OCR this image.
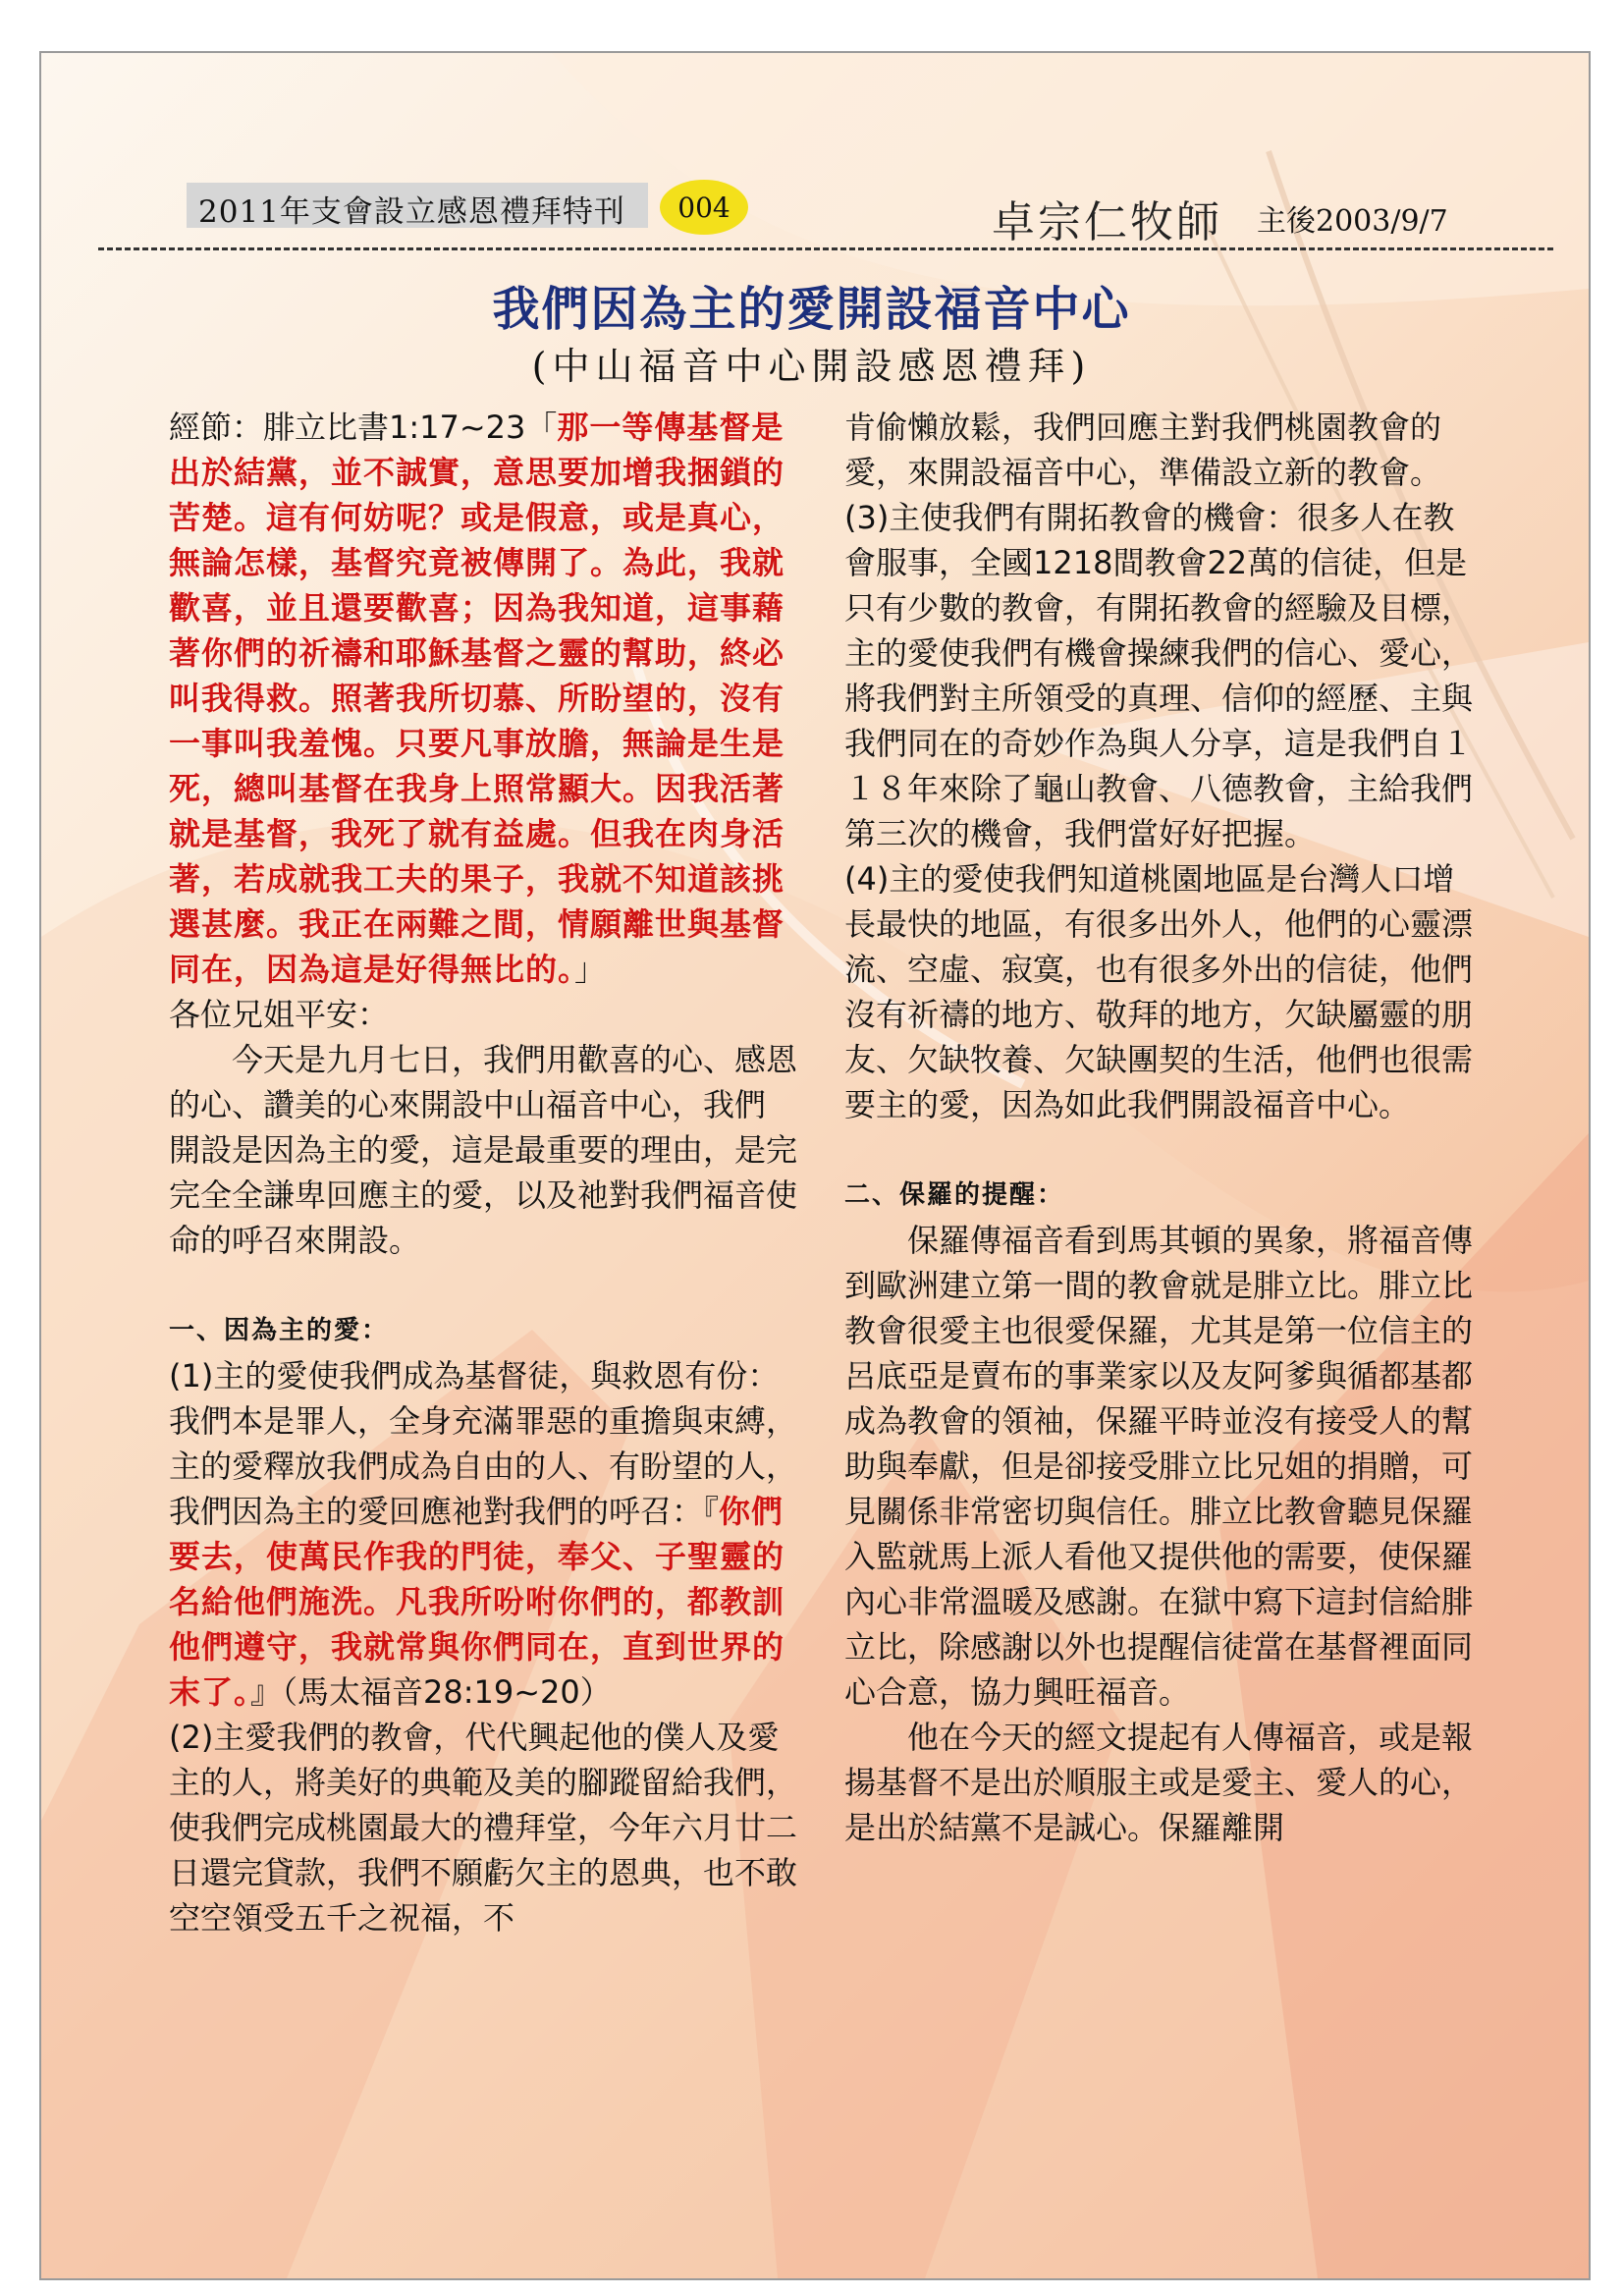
2011年支會設立感恩禮拜特刊	004	卓宗仁牧師 主後2003/9/7
我們因為主的愛開設福音中心
(中山福音中心開設感恩禮拜)

經節：腓立比書1:17~23「那一等傳基督是出於結黨，並不誠實，意思要加增我捆鎖的苦楚。這有何妨呢？或是假意，或是真心，無論怎樣，基督究竟被傳開了。為此，我就歡喜，並且還要歡喜；因為我知道，這事藉著你們的祈禱和耶穌基督之靈的幫助，終必叫我得救。照著我所切慕、所盼望的，沒有一事叫我羞愧。只要凡事放膽，無論是生是死，總叫基督在我身上照常顯大。因我活著就是基督，我死了就有益處。但我在肉身活著，若成就我工夫的果子，我就不知道該挑選甚麼。我正在兩難之間，情願離世與基督同在，因為這是好得無比的。」

各位兄姐平安：

今天是九月七日，我們用歡喜的心、感恩的心、讚美的心來開設中山福音中心，我們開設是因為主的愛，這是最重要的理由，是完完全全謙卑回應主的愛，以及祂對我們福音使命的呼召來開設。

一、因為主的愛：

(1)主的愛使我們成為基督徒，與救恩有份：我們本是罪人，全身充滿罪惡的重擔與束縛，主的愛釋放我們成為自由的人、有盼望的人，我們因為主的愛回應祂對我們的呼召：『你們要去，使萬民作我的門徒，奉父、子聖靈的名給他們施洗。凡我所吩咐你們的，都教訓他們遵守，我就常與你們同在，直到世界的末了。』（馬太福音28:19~20）

(2)主愛我們的教會，代代興起他的僕人及愛主的人，將美好的典範及美的腳蹤留給我們，使我們完成桃園最大的禮拜堂，今年六月廿二日還完貸款，我們不願虧欠主的恩典，也不敢空空領受五千之祝福，不

肯偷懶放鬆，我們回應主對我們桃園教會的愛，來開設福音中心，準備設立新的教會。

(3)主使我們有開拓教會的機會：很多人在教會服事，全國1218間教會22萬的信徒，但是只有少數的教會，有開拓教會的經驗及目標，主的愛使我們有機會操練我們的信心、愛心，將我們對主所領受的真理、信仰的經歷、主與我們同在的奇妙作為與人分享，這是我們自１１８年來除了龜山教會、八德教會，主給我們第三次的機會，我們當好好把握。

(4)主的愛使我們知道桃園地區是台灣人口增長最快的地區，有很多出外人，他們的心靈漂流、空虛、寂寞，也有很多外出的信徒，他們沒有祈禱的地方、敬拜的地方，欠缺屬靈的朋友、欠缺牧養、欠缺團契的生活，他們也很需要主的愛，因為如此我們開設福音中心。

二、保羅的提醒：

保羅傳福音看到馬其頓的異象，將福音傳到歐洲建立第一間的教會就是腓立比。腓立比教會很愛主也很愛保羅，尤其是第一位信主的呂底亞是賣布的事業家以及友阿爹與循都基都成為教會的領袖，保羅平時並沒有接受人的幫助與奉獻，但是卻接受腓立比兄姐的捐贈，可見關係非常密切與信任。腓立比教會聽見保羅入監就馬上派人看他又提供他的需要，使保羅內心非常溫暖及感謝。在獄中寫下這封信給腓立比，除感謝以外也提醒信徒當在基督裡面同心合意，協力興旺福音。

他在今天的經文提起有人傳福音，或是報揚基督不是出於順服主或是愛主、愛人的心，是出於結黨不是誠心。保羅離開
